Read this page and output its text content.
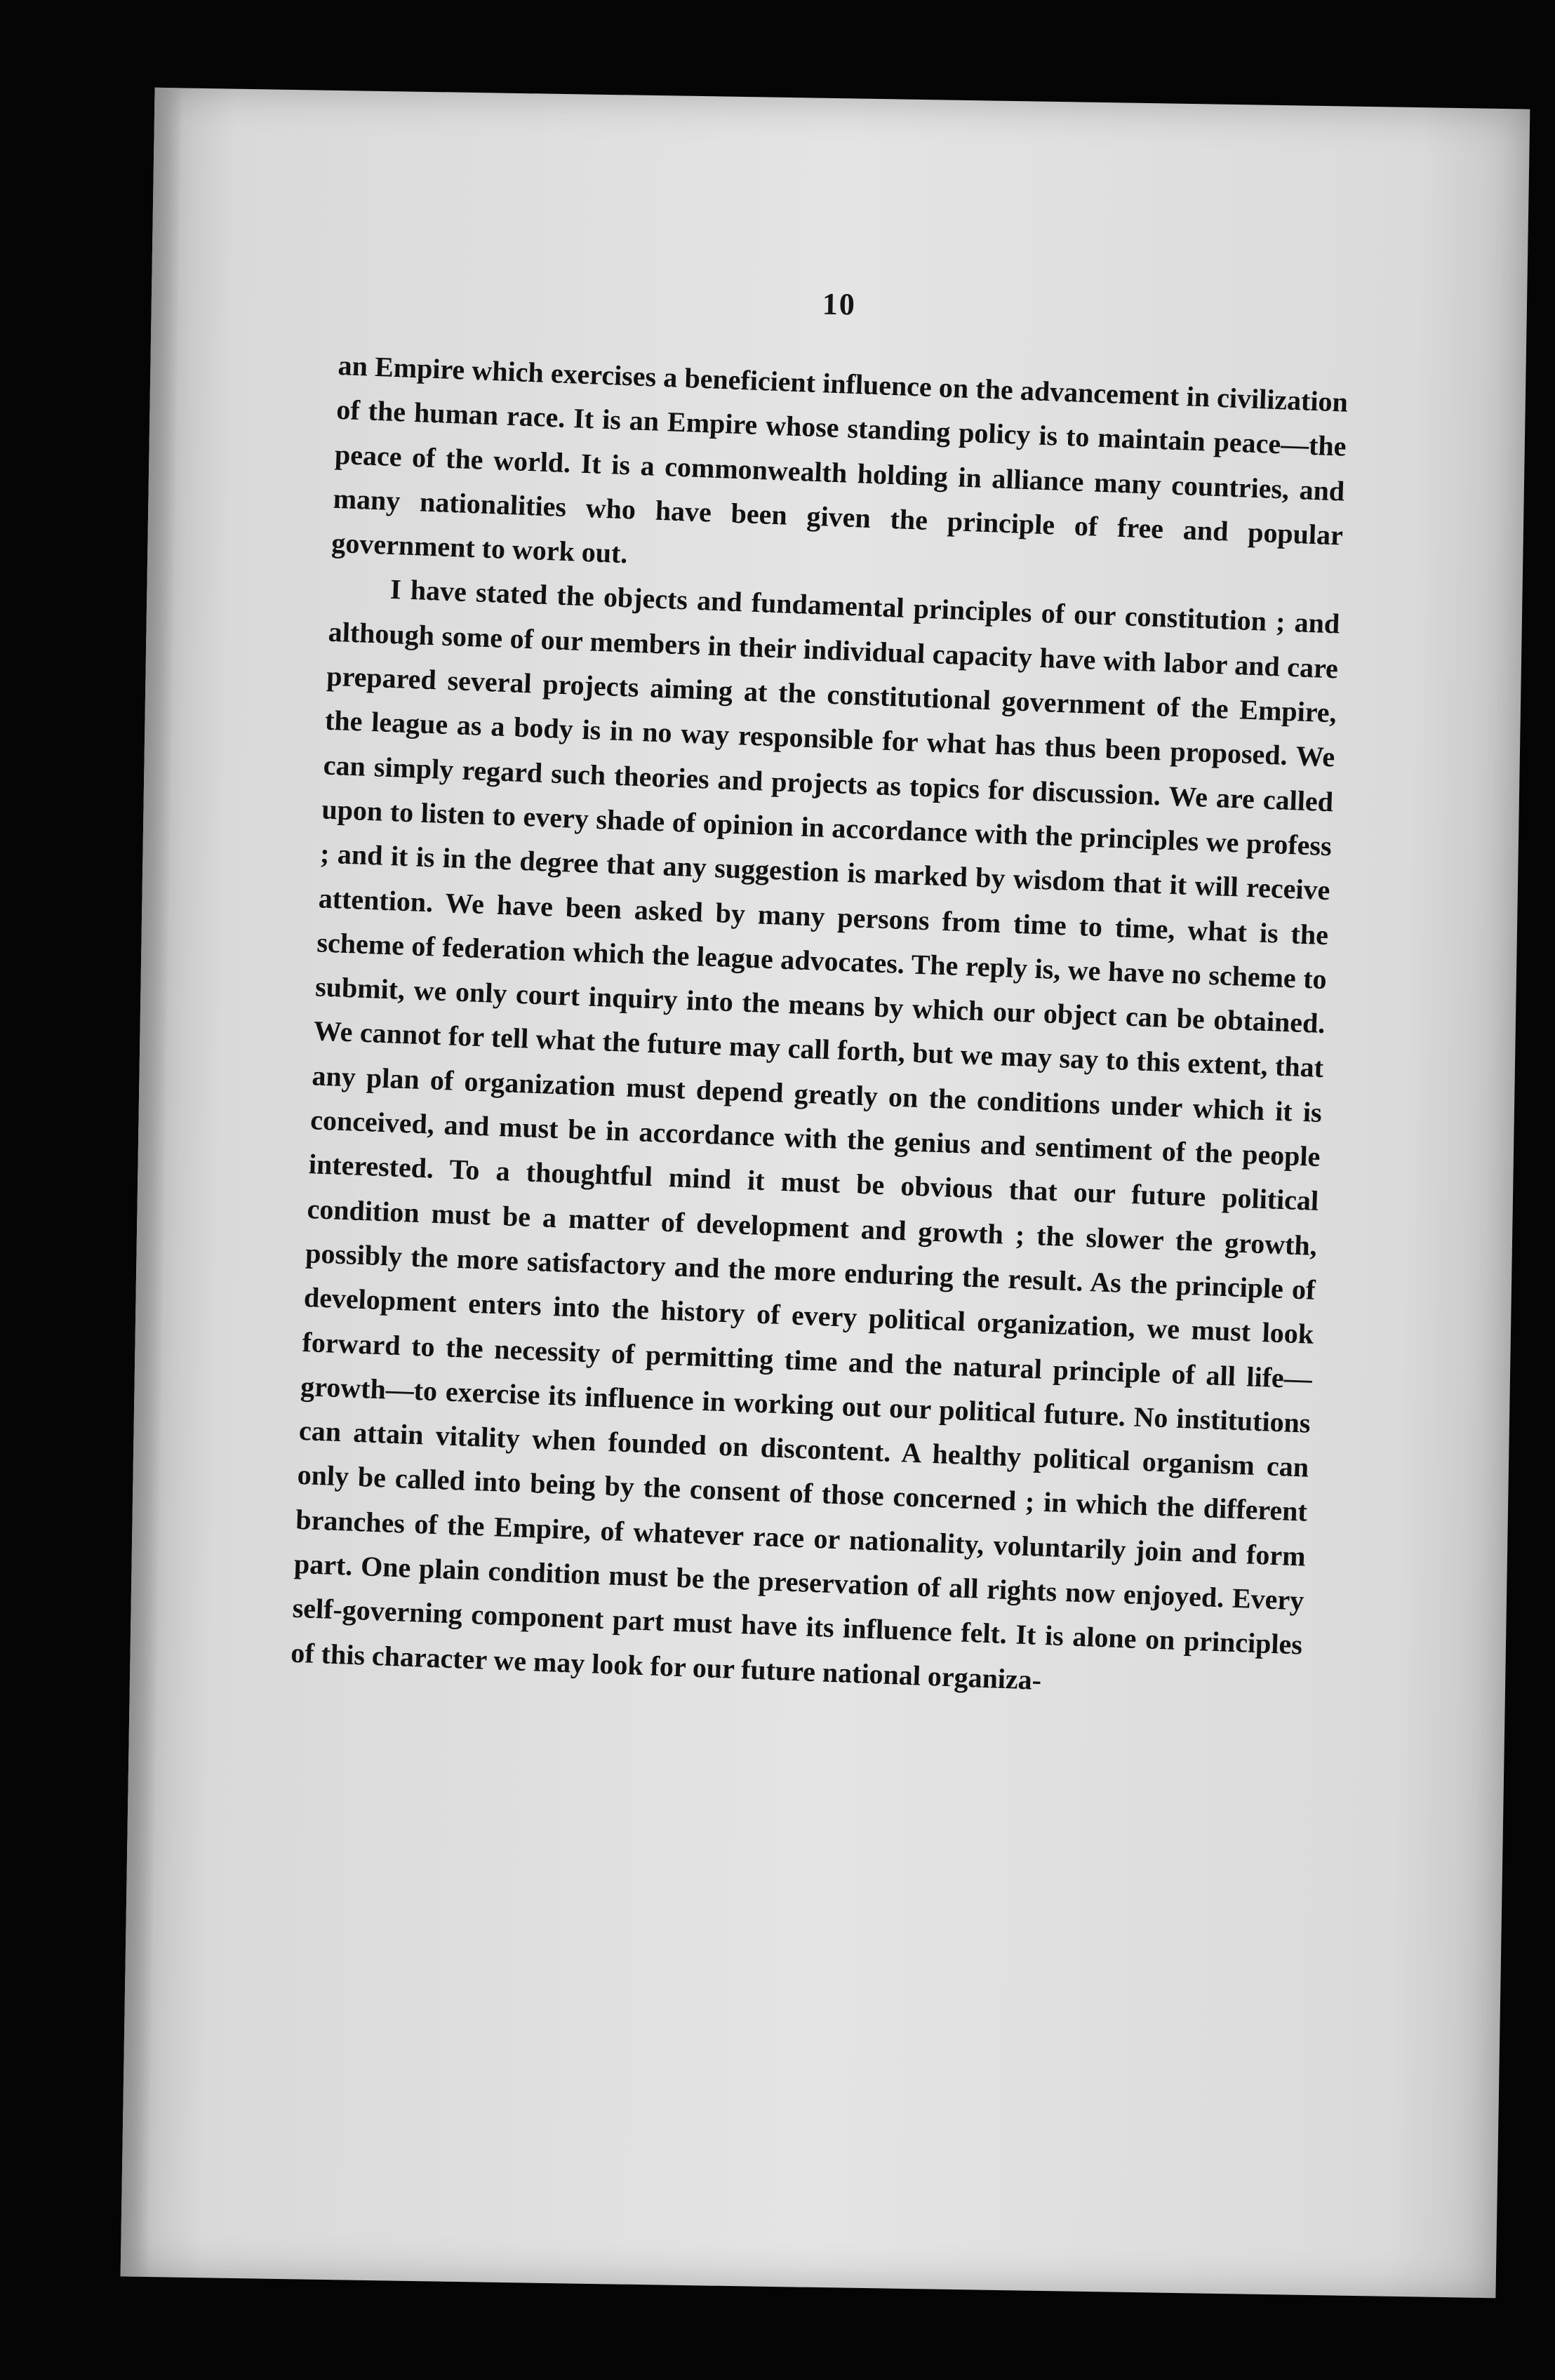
10

an Empire which exercises a beneficient influence on the advancement in civilization of the human race. It is an Empire whose standing policy is to maintain peace—the peace of the world. It is a commonwealth holding in alliance many countries, and many nationalities who have been given the principle of free and popular government to work out.

I have stated the objects and fundamental principles of our constitution ; and although some of our members in their individual capacity have with labor and care prepared several projects aiming at the constitutional government of the Empire, the league as a body is in no way responsible for what has thus been proposed. We can simply regard such theories and projects as topics for discussion. We are called upon to listen to every shade of opinion in accordance with the principles we profess ; and it is in the degree that any suggestion is marked by wisdom that it will receive attention. We have been asked by many persons from time to time, what is the scheme of federation which the league advocates. The reply is, we have no scheme to submit, we only court inquiry into the means by which our object can be obtained. We cannot for tell what the future may call forth, but we may say to this extent, that any plan of organization must depend greatly on the conditions under which it is conceived, and must be in accordance with the genius and sentiment of the people interested. To a thoughtful mind it must be obvious that our future political condition must be a matter of development and growth ; the slower the growth, possibly the more satisfactory and the more enduring the result. As the principle of development enters into the history of every political organization, we must look forward to the necessity of permitting time and the natural principle of all life—growth—to exercise its influence in working out our political future. No institutions can attain vitality when founded on discontent. A healthy political organism can only be called into being by the consent of those concerned ; in which the different branches of the Empire, of whatever race or nationality, voluntarily join and form part. One plain condition must be the preservation of all rights now enjoyed. Every self-governing component part must have its influence felt. It is alone on principles of this character we may look for our future national organiza-
